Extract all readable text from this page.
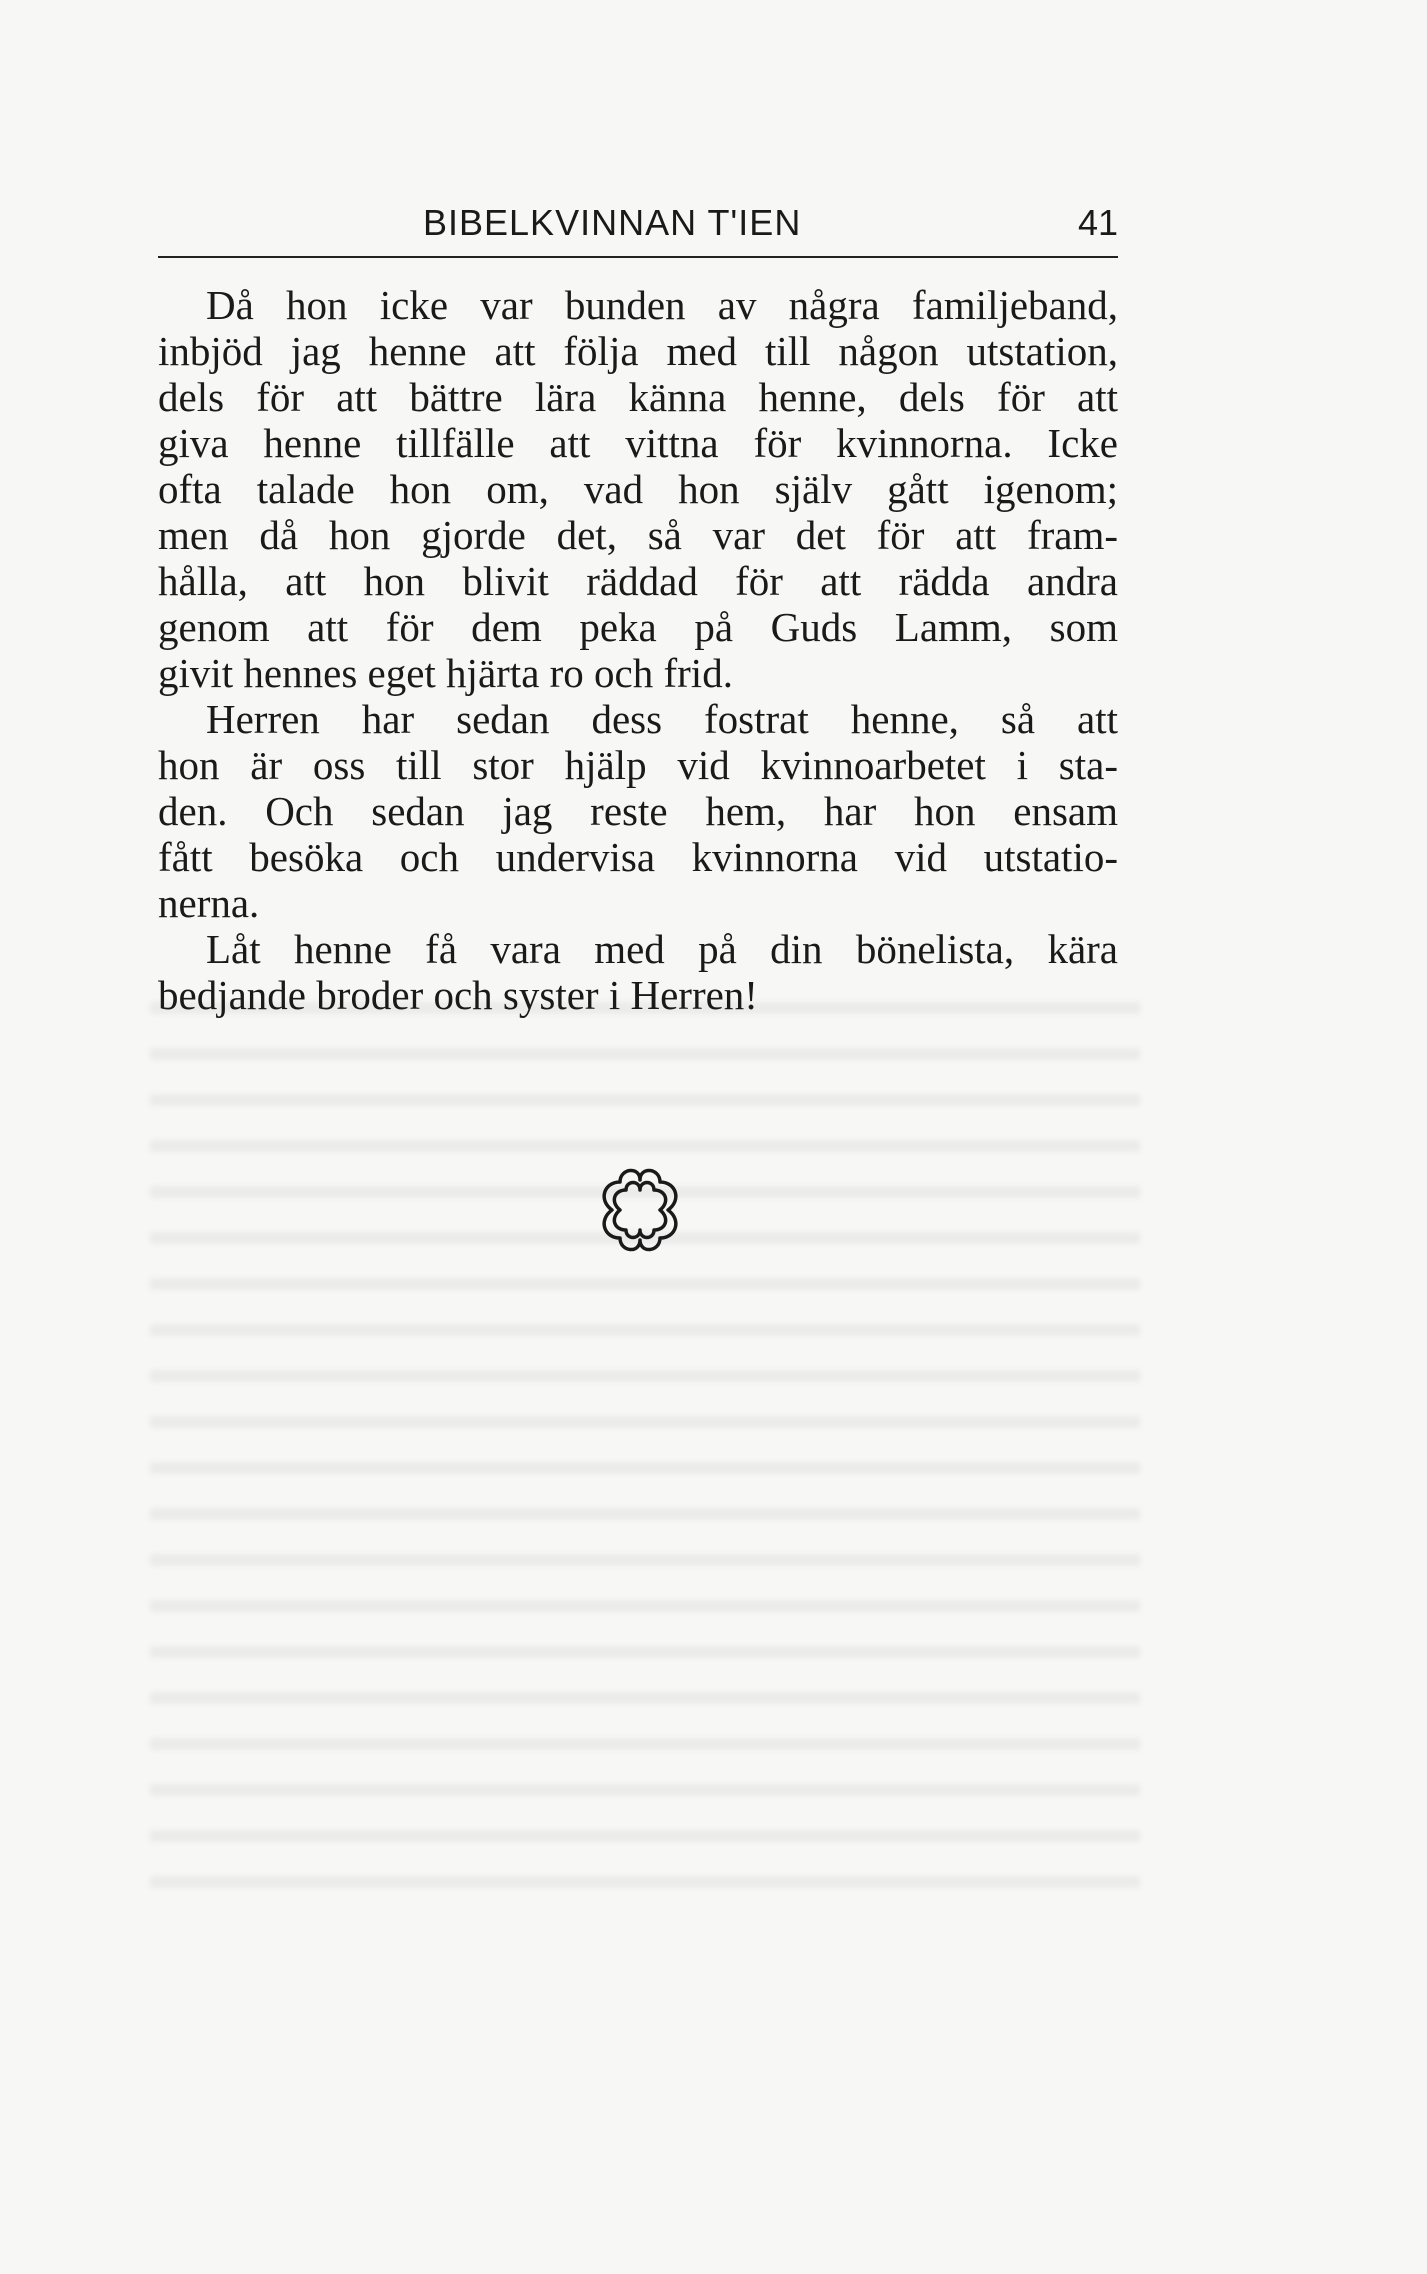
BIBELKVINNAN T'IEN	41
Då hon icke var bunden av några familjeband,
inbjöd jag henne att följa med till någon utstation,
dels för att bättre lära känna henne, dels för att
giva henne tillfälle att vittna för kvinnorna. Icke
ofta talade hon om, vad hon själv gått igenom;
men då hon gjorde det, så var det för att fram-
hålla, att hon blivit räddad för att rädda andra
genom att för dem peka på Guds Lamm, som
givit hennes eget hjärta ro och frid.
Herren har sedan dess fostrat henne, så att
hon är oss till stor hjälp vid kvinnoarbetet i sta-
den. Och sedan jag reste hem, har hon ensam
fått besöka och undervisa kvinnorna vid utstatio-
nerna.
Låt henne få vara med på din bönelista, kära
bedjande broder och syster i Herren!
